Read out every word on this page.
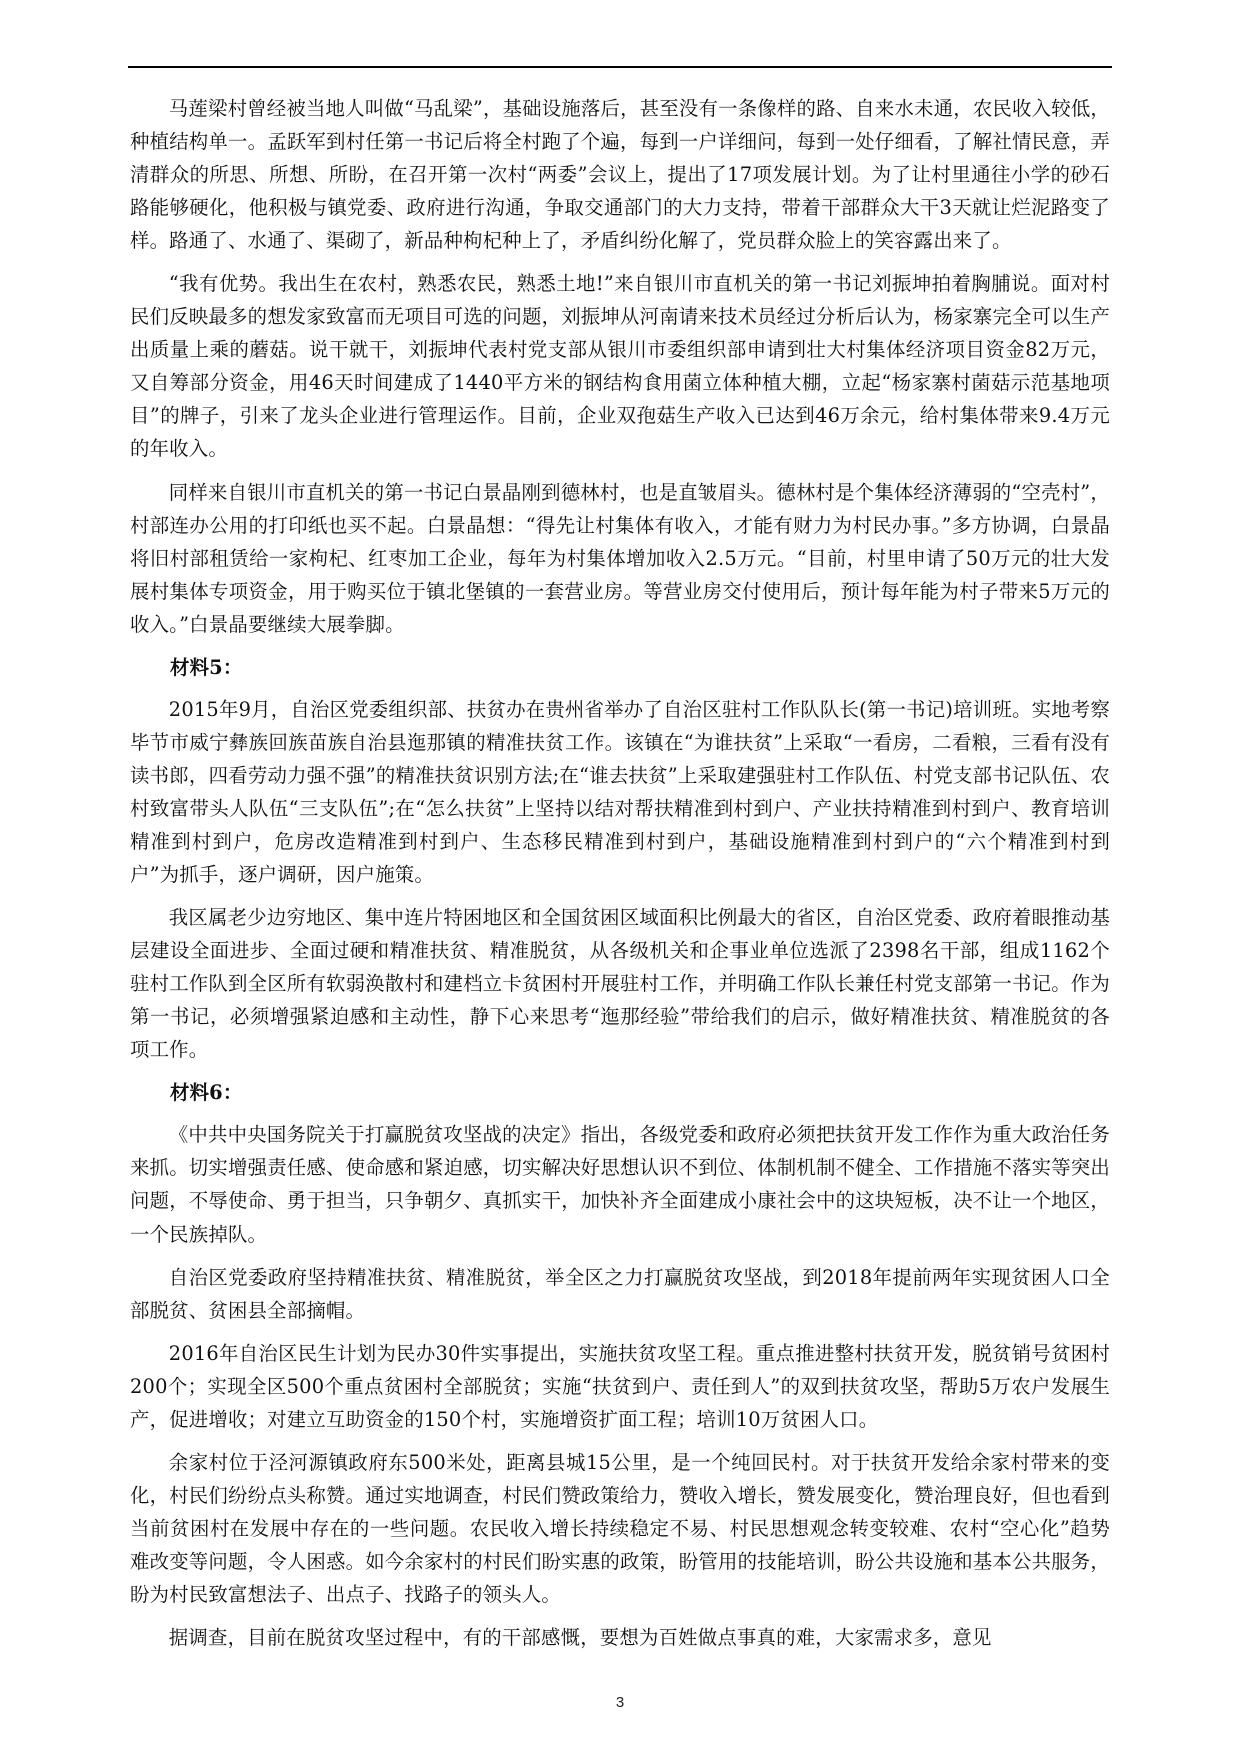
马莲梁村曾经被当地人叫做“马乱梁”，基础设施落后，甚至没有一条像样的路、自来水未通，农民收入较低，种植结构单一。孟跃军到村任第一书记后将全村跑了个遍，每到一户详细问，每到一处仔细看，了解社情民意，弄清群众的所思、所想、所盼，在召开第一次村“两委”会议上，提出了17项发展计划。为了让村里通往小学的砂石路能够硬化，他积极与镇党委、政府进行沟通，争取交通部门的大力支持，带着干部群众大干3天就让烂泥路变了样。路通了、水通了、渠砌了，新品种枸杞种上了，矛盾纠纷化解了，党员群众脸上的笑容露出来了。

“我有优势。我出生在农村，熟悉农民，熟悉土地!”来自银川市直机关的第一书记刘振坤拍着胸脯说。面对村民们反映最多的想发家致富而无项目可选的问题，刘振坤从河南请来技术员经过分析后认为，杨家寨完全可以生产出质量上乘的蘑菇。说干就干，刘振坤代表村党支部从银川市委组织部申请到壮大村集体经济项目资金82万元，又自筹部分资金，用46天时间建成了1440平方米的钢结构食用菌立体种植大棚，立起“杨家寨村菌菇示范基地项目”的牌子，引来了龙头企业进行管理运作。目前，企业双孢菇生产收入已达到46万余元，给村集体带来9.4万元的年收入。

同样来自银川市直机关的第一书记白景晶刚到德林村，也是直皱眉头。德林村是个集体经济薄弱的“空壳村”，村部连办公用的打印纸也买不起。白景晶想：“得先让村集体有收入，才能有财力为村民办事。”多方协调，白景晶将旧村部租赁给一家枸杞、红枣加工企业，每年为村集体增加收入2.5万元。“目前，村里申请了50万元的壮大发展村集体专项资金，用于购买位于镇北堡镇的一套营业房。等营业房交付使用后，预计每年能为村子带来5万元的收入。”白景晶要继续大展拳脚。

材料5：

2015年9月，自治区党委组织部、扶贫办在贵州省举办了自治区驻村工作队队长(第一书记)培训班。实地考察毕节市威宁彝族回族苗族自治县迤那镇的精准扶贫工作。该镇在“为谁扶贫”上采取“一看房，二看粮，三看有没有读书郎，四看劳动力强不强”的精准扶贫识别方法;在“谁去扶贫”上采取建强驻村工作队伍、村党支部书记队伍、农村致富带头人队伍“三支队伍”;在“怎么扶贫”上坚持以结对帮扶精准到村到户、产业扶持精准到村到户、教育培训精准到村到户，危房改造精准到村到户、生态移民精准到村到户，基础设施精准到村到户的“六个精准到村到户”为抓手，逐户调研，因户施策。

我区属老少边穷地区、集中连片特困地区和全国贫困区域面积比例最大的省区，自治区党委、政府着眼推动基层建设全面进步、全面过硬和精准扶贫、精准脱贫，从各级机关和企事业单位选派了2398名干部，组成1162个驻村工作队到全区所有软弱涣散村和建档立卡贫困村开展驻村工作，并明确工作队长兼任村党支部第一书记。作为第一书记，必须增强紧迫感和主动性，静下心来思考“迤那经验”带给我们的启示，做好精准扶贫、精准脱贫的各项工作。

材料6：

《中共中央国务院关于打赢脱贫攻坚战的决定》指出，各级党委和政府必须把扶贫开发工作作为重大政治任务来抓。切实增强责任感、使命感和紧迫感，切实解决好思想认识不到位、体制机制不健全、工作措施不落实等突出问题，不辱使命、勇于担当，只争朝夕、真抓实干，加快补齐全面建成小康社会中的这块短板，决不让一个地区，一个民族掉队。

自治区党委政府坚持精准扶贫、精准脱贫，举全区之力打赢脱贫攻坚战，到2018年提前两年实现贫困人口全部脱贫、贫困县全部摘帽。

2016年自治区民生计划为民办30件实事提出，实施扶贫攻坚工程。重点推进整村扶贫开发，脱贫销号贫困村200个；实现全区500个重点贫困村全部脱贫；实施“扶贫到户、责任到人”的双到扶贫攻坚，帮助5万农户发展生产，促进增收；对建立互助资金的150个村，实施增资扩面工程；培训10万贫困人口。

余家村位于泾河源镇政府东500米处，距离县城15公里，是一个纯回民村。对于扶贫开发给余家村带来的变化，村民们纷纷点头称赞。通过实地调查，村民们赞政策给力，赞收入增长，赞发展变化，赞治理良好，但也看到当前贫困村在发展中存在的一些问题。农民收入增长持续稳定不易、村民思想观念转变较难、农村“空心化”趋势难改变等问题，令人困惑。如今余家村的村民们盼实惠的政策，盼管用的技能培训，盼公共设施和基本公共服务，盼为村民致富想法子、出点子、找路子的领头人。

据调查，目前在脱贫攻坚过程中，有的干部感慨，要想为百姓做点事真的难，大家需求多，意见

3
